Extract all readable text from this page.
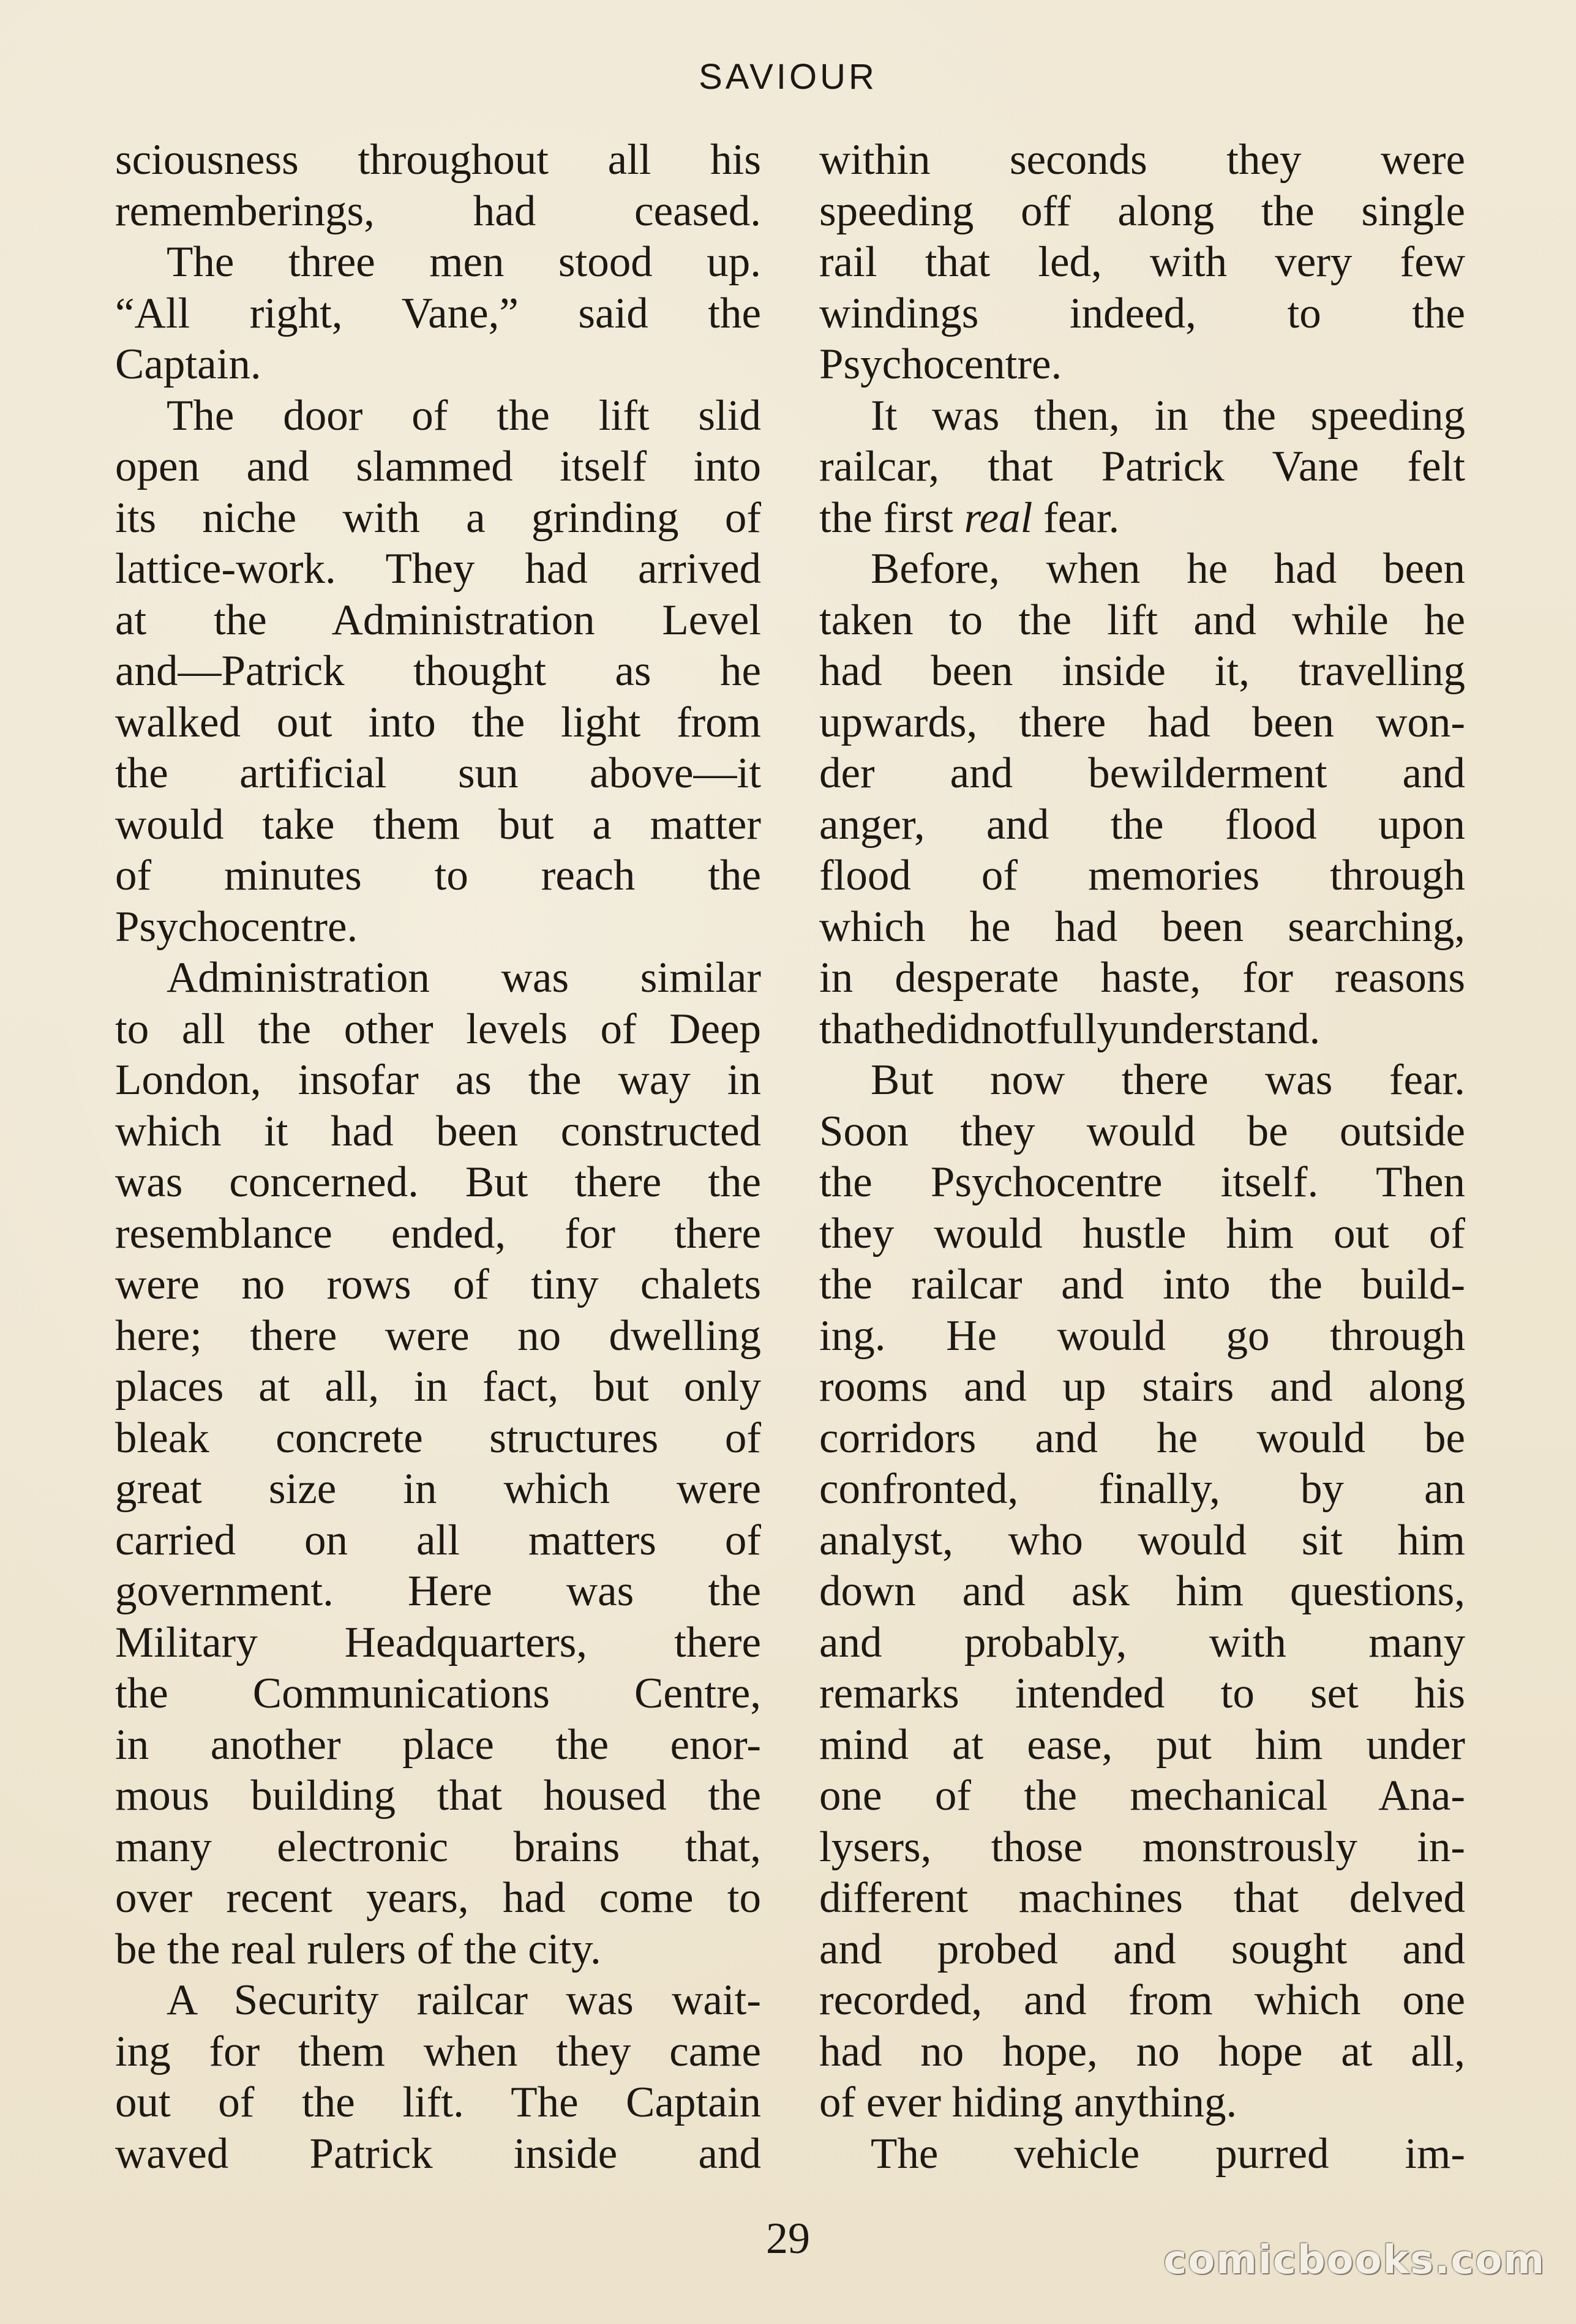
SAVIOUR
sciousness throughout all his
rememberings, had ceased.
The three men stood up.
“All right, Vane,” said the
Captain.
The door of the lift slid
open and slammed itself into
its niche with a grinding of
lattice-work. They had arrived
at the Administration Level
and—Patrick thought as he
walked out into the light from
the artificial sun above—it
would take them but a matter
of minutes to reach the
Psychocentre.
Administration was similar
to all the other levels of Deep
London, insofar as the way in
which it had been constructed
was concerned. But there the
resemblance ended, for there
were no rows of tiny chalets
here; there were no dwelling
places at all, in fact, but only
bleak concrete structures of
great size in which were
carried on all matters of
government. Here was the
Military Headquarters, there
the Communications Centre,
in another place the enor-
mous building that housed the
many electronic brains that,
over recent years, had come to
be the real rulers of the city.
A Security railcar was wait-
ing for them when they came
out of the lift. The Captain
waved Patrick inside and
within seconds they were
speeding off along the single
rail that led, with very few
windings indeed, to the
Psychocentre.
It was then, in the speeding
railcar, that Patrick Vane felt
the first real fear.
Before, when he had been
taken to the lift and while he
had been inside it, travelling
upwards, there had been won-
der and bewilderment and
anger, and the flood upon
flood of memories through
which he had been searching,
in desperate haste, for reasons
thathedidnotfullyunderstand.
But now there was fear.
Soon they would be outside
the Psychocentre itself. Then
they would hustle him out of
the railcar and into the build-
ing. He would go through
rooms and up stairs and along
corridors and he would be
confronted, finally, by an
analyst, who would sit him
down and ask him questions,
and probably, with many
remarks intended to set his
mind at ease, put him under
one of the mechanical Ana-
lysers, those monstrously in-
different machines that delved
and probed and sought and
recorded, and from which one
had no hope, no hope at all,
of ever hiding anything.
The vehicle purred im-
29	comicbooks.com
